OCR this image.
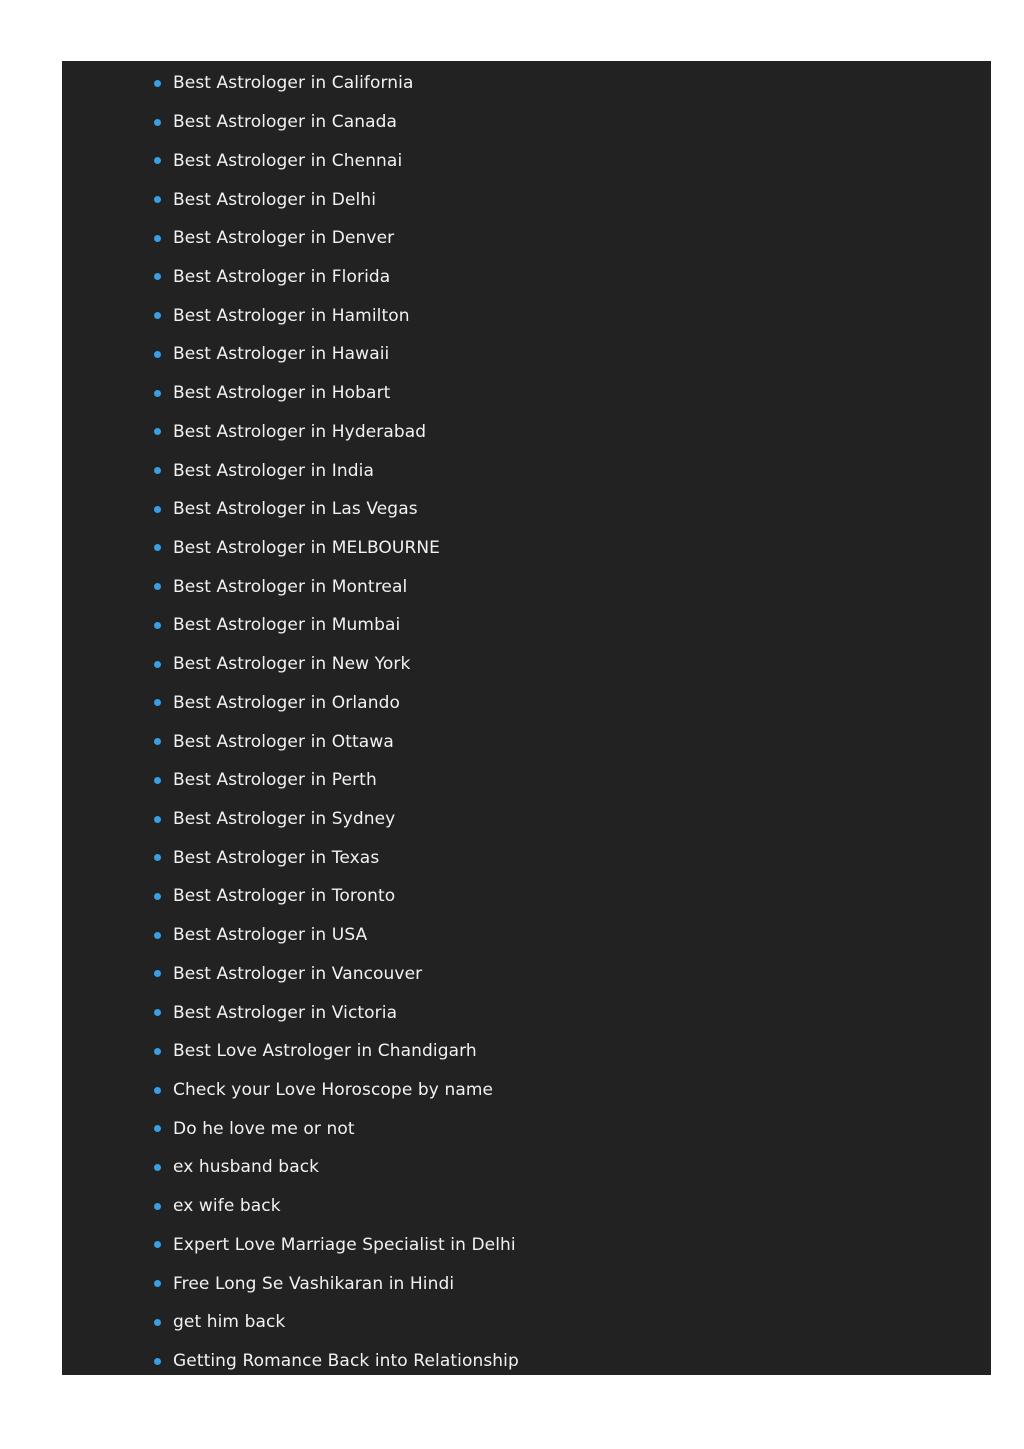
Best Astrologer in California
Best Astrologer in Canada
Best Astrologer in Chennai
Best Astrologer in Delhi
Best Astrologer in Denver
Best Astrologer in Florida
Best Astrologer in Hamilton
Best Astrologer in Hawaii
Best Astrologer in Hobart
Best Astrologer in Hyderabad
Best Astrologer in India
Best Astrologer in Las Vegas
Best Astrologer in MELBOURNE
Best Astrologer in Montreal
Best Astrologer in Mumbai
Best Astrologer in New York
Best Astrologer in Orlando
Best Astrologer in Ottawa
Best Astrologer in Perth
Best Astrologer in Sydney
Best Astrologer in Texas
Best Astrologer in Toronto
Best Astrologer in USA
Best Astrologer in Vancouver
Best Astrologer in Victoria
Best Love Astrologer in Chandigarh
Check your Love Horoscope by name
Do he love me or not
ex husband back
ex wife back
Expert Love Marriage Specialist in Delhi
Free Long Se Vashikaran in Hindi
get him back
Getting Romance Back into Relationship
